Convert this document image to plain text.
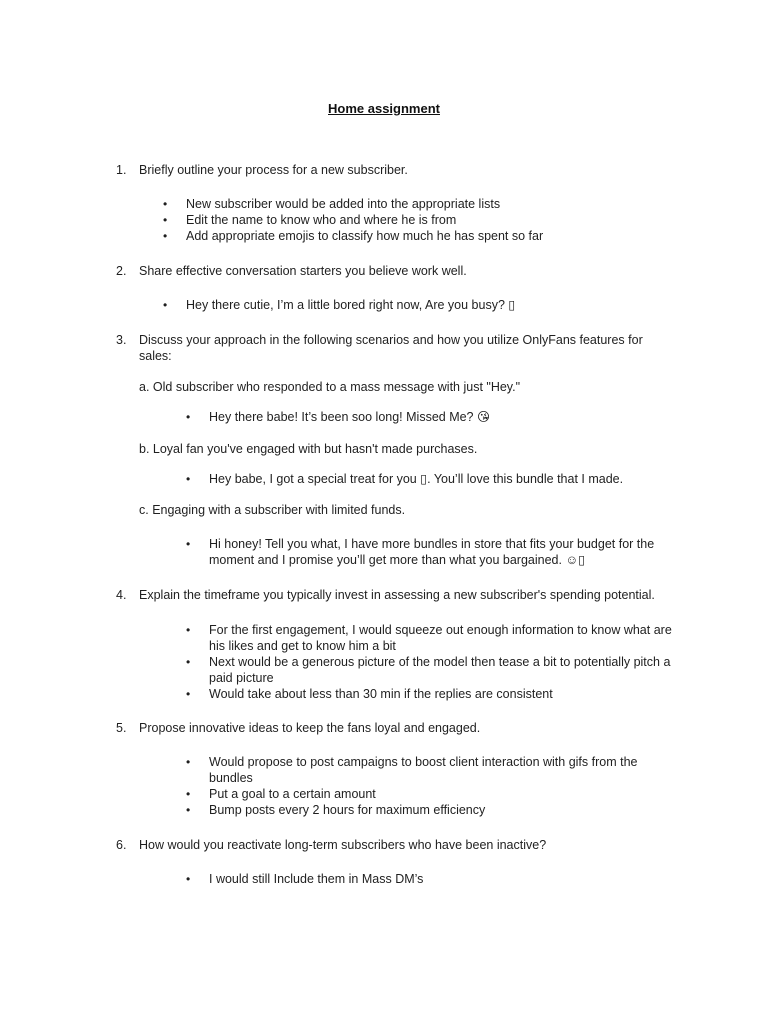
Home assignment
1. Briefly outline your process for a new subscriber.
• New subscriber would be added into the appropriate lists
• Edit the name to know who and where he is from
• Add appropriate emojis to classify how much he has spent so far
2. Share effective conversation starters you believe work well.
• Hey there cutie, I’m a little bored right now, Are you busy? ▯
3. Discuss your approach in the following scenarios and how you utilize OnlyFans features for sales:
a. Old subscriber who responded to a mass message with just "Hey."
• Hey there babe! It’s been soo long! Missed Me? 😘
b. Loyal fan you've engaged with but hasn't made purchases.
• Hey babe, I got a special treat for you ▯. You’ll love this bundle that I made.
c. Engaging with a subscriber with limited funds.
• Hi honey! Tell you what, I have more bundles in store that fits your budget for the moment and I promise you’ll get more than what you bargained. ☺▯
4. Explain the timeframe you typically invest in assessing a new subscriber's spending potential.
• For the first engagement, I would squeeze out enough information to know what are his likes and get to know him a bit
• Next would be a generous picture of the model then tease a bit to potentially pitch a paid picture
• Would take about less than 30 min if the replies are consistent
5. Propose innovative ideas to keep the fans loyal and engaged.
• Would propose to post campaigns to boost client interaction with gifs from the bundles
• Put a goal to a certain amount
• Bump posts every 2 hours for maximum efficiency
6. How would you reactivate long-term subscribers who have been inactive?
• I would still Include them in Mass DM’s
